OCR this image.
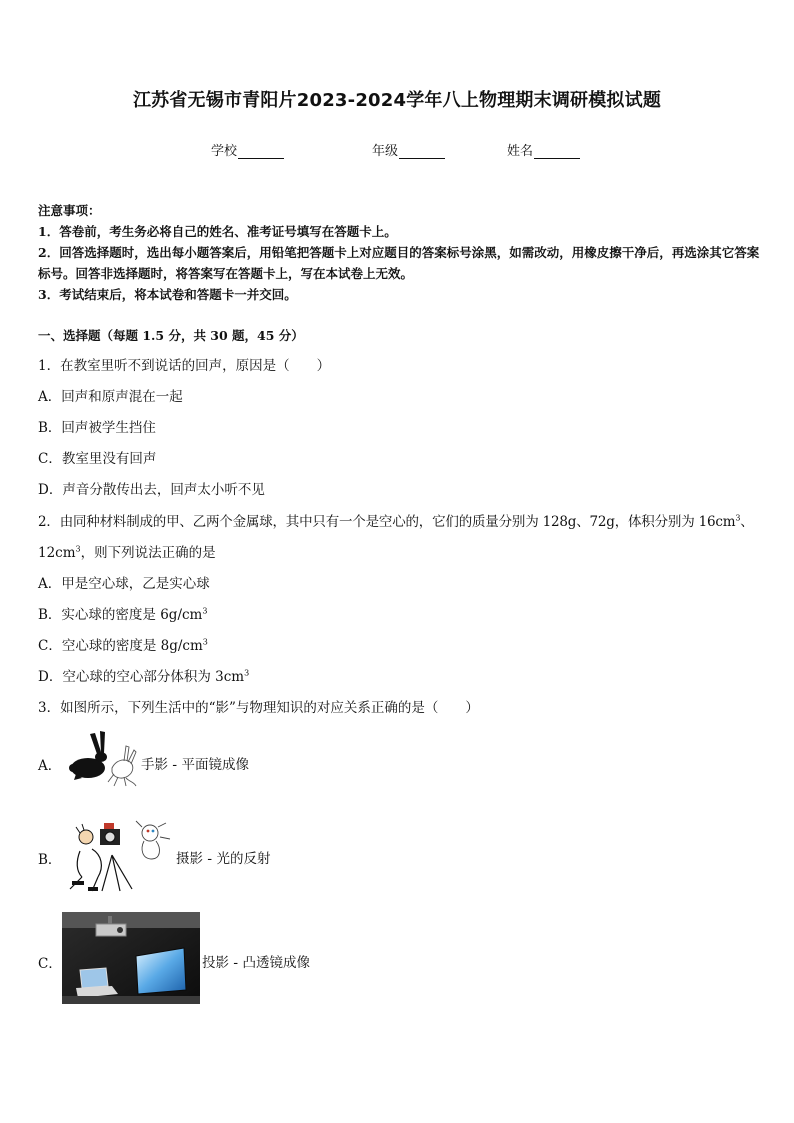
江苏省无锡市青阳片2023-2024学年八上物理期末调研模拟试题
学校	年级	姓名
注意事项：
1．答卷前，考生务必将自己的姓名、准考证号填写在答题卡上。
2．回答选择题时，选出每小题答案后，用铅笔把答题卡上对应题目的答案标号涂黑，如需改动，用橡皮擦干净后，再选涂其它答案标号。回答非选择题时，将答案写在答题卡上，写在本试卷上无效。
3．考试结束后，将本试卷和答题卡一并交回。
一、选择题（每题 1.5 分，共 30 题，45 分）
1．在教室里听不到说话的回声，原因是（　　）
A．回声和原声混在一起
B．回声被学生挡住
C．教室里没有回声
D．声音分散传出去，回声太小听不见
2．由同种材料制成的甲、乙两个金属球，其中只有一个是空心的，它们的质量分别为 128g、72g，体积分别为 $16cm^3$、
$12cm^3$，则下列说法正确的是
A．甲是空心球，乙是实心球
B．实心球的密度是 $6g/cm^3$
C．空心球的密度是 $8g/cm^3$
D．空心球的空心部分体积为 $3cm^3$
3．如图所示，下列生活中的“影”与物理知识的对应关系正确的是（　　）
A．	手影 - 平面镜成像
B．	摄影 - 光的反射
C．	投影 - 凸透镜成像
